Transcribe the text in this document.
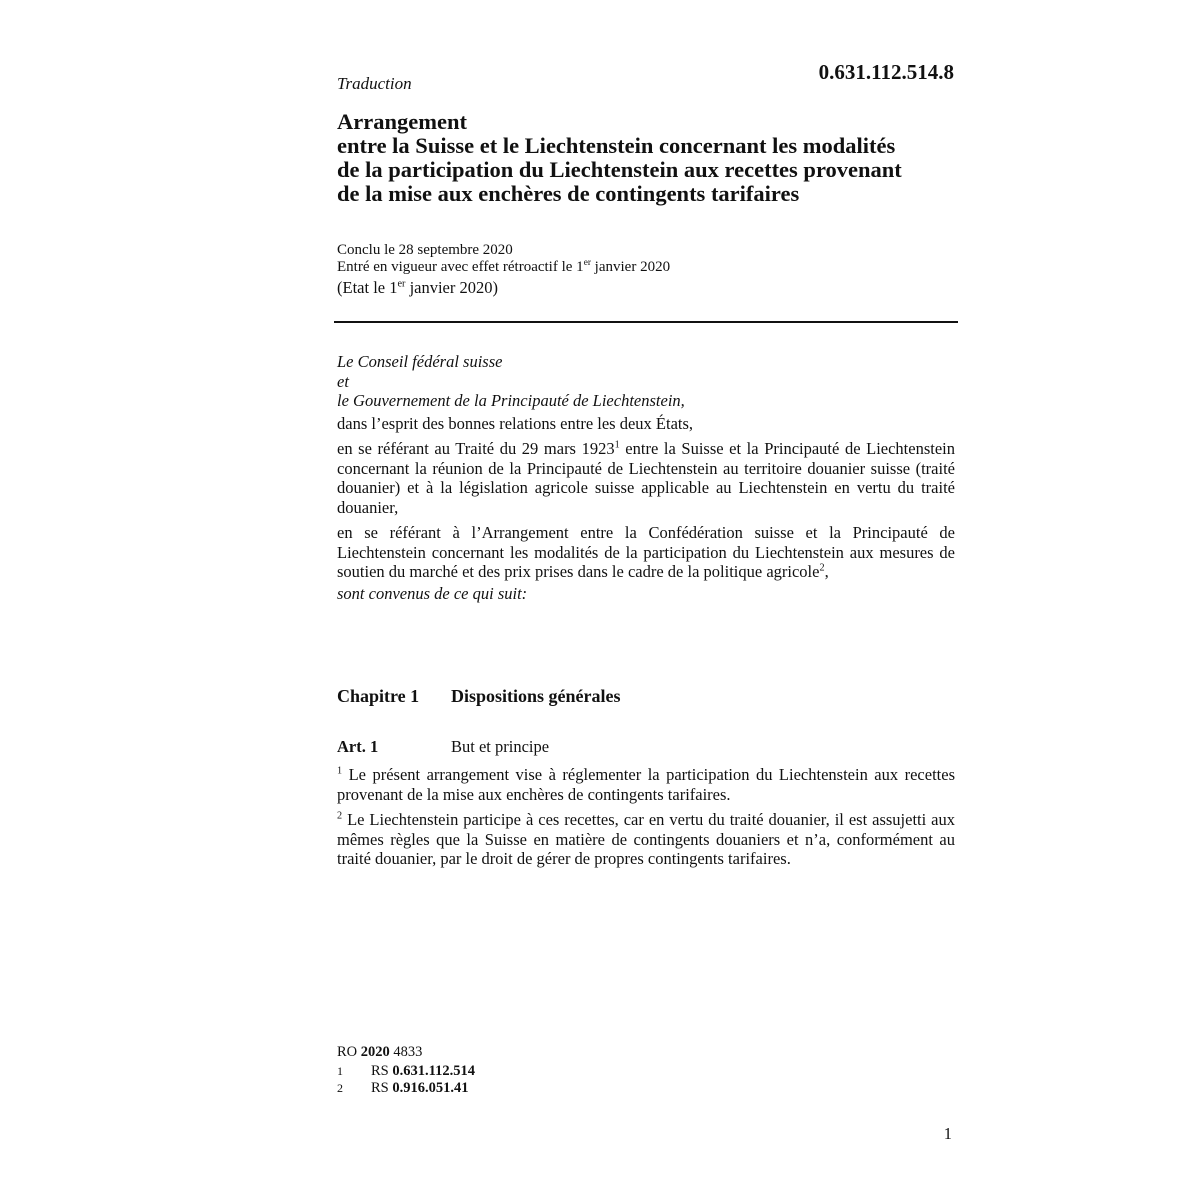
0.631.112.514.8
Traduction
Arrangement
entre la Suisse et le Liechtenstein concernant les modalités
de la participation du Liechtenstein aux recettes provenant
de la mise aux enchères de contingents tarifaires
Conclu le 28 septembre 2020
Entré en vigueur avec effet rétroactif le 1er janvier 2020
(Etat le 1er janvier 2020)
Le Conseil fédéral suisse
et
le Gouvernement de la Principauté de Liechtenstein,

dans l’esprit des bonnes relations entre les deux États,

en se référant au Traité du 29 mars 1923$^1$ entre la Suisse et la Principauté de Liechtenstein concernant la réunion de la Principauté de Liechtenstein au territoire douanier suisse (traité douanier) et à la législation agricole suisse applicable au Liechtenstein en vertu du traité douanier,

en se référant à l’Arrangement entre la Confédération suisse et la Principauté de Liechtenstein concernant les modalités de la participation du Liechtenstein aux mesures de soutien du marché et des prix prises dans le cadre de la politique agricole$^2$,

sont convenus de ce qui suit:

Chapitre 1 Dispositions générales
Art. 1	But et principe

$^1$ Le présent arrangement vise à réglementer la participation du Liechtenstein aux recettes provenant de la mise aux enchères de contingents tarifaires.

$^2$ Le Liechtenstein participe à ces recettes, car en vertu du traité douanier, il est assujetti aux mêmes règles que la Suisse en matière de contingents douaniers et n’a, conformément au traité douanier, par le droit de gérer de propres contingents tarifaires.

RO 2020 4833
1 RS 0.631.112.514
2 RS 0.916.051.41
1
